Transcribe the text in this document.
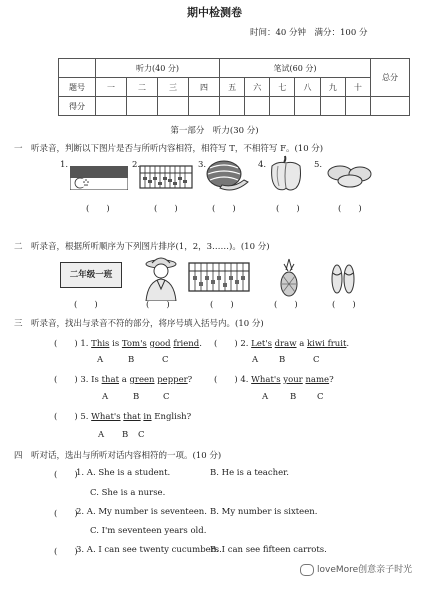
期中检测卷
时间：40 分钟　满分：100 分
	听力(40 分)				笔试(60 分)						总分
题号	一	二	三	四	五	六	七	八	九	十	
得分											
第一部分　听力(30 分)
一　听录音，判断以下图片是否与所听内容相符，相符写 T，不相符写 F。(10 分)
1.	2.	3.	4.	5.
(　　)	(　　)	(　　)	(　　)	(　　)
二　听录音，根据所听顺序为下列图片排序(1，2，3……)。(10 分)
二年级一班
(　　)	(　　)	(　　)	(　　)	(　　)
三　听录音，找出与录音不符的部分，将序号填入括号内。(10 分)
(　　) 1. This is Tom's good friend.
A	B	C
(　　) 2. Let's draw a kiwi fruit.
A B	C
(　　) 3. Is that a green pepper?
A	B	C
(　　) 4. What's your name?
A	B C
(　　) 5. What's that in English?
A B C
四　听对话，选出与所听对话内容相符的一项。(10 分)
(　　)
1. A. She is a student.	B. He is a teacher.
C. She is a nurse.
(　　)
2. A. My number is seventeen. B. My number is sixteen.
C. I'm seventeen years old.
(　　)
3. A. I can see twenty cucumbers.
B. I can see fifteen carrots.
loveMore创意亲子时光
